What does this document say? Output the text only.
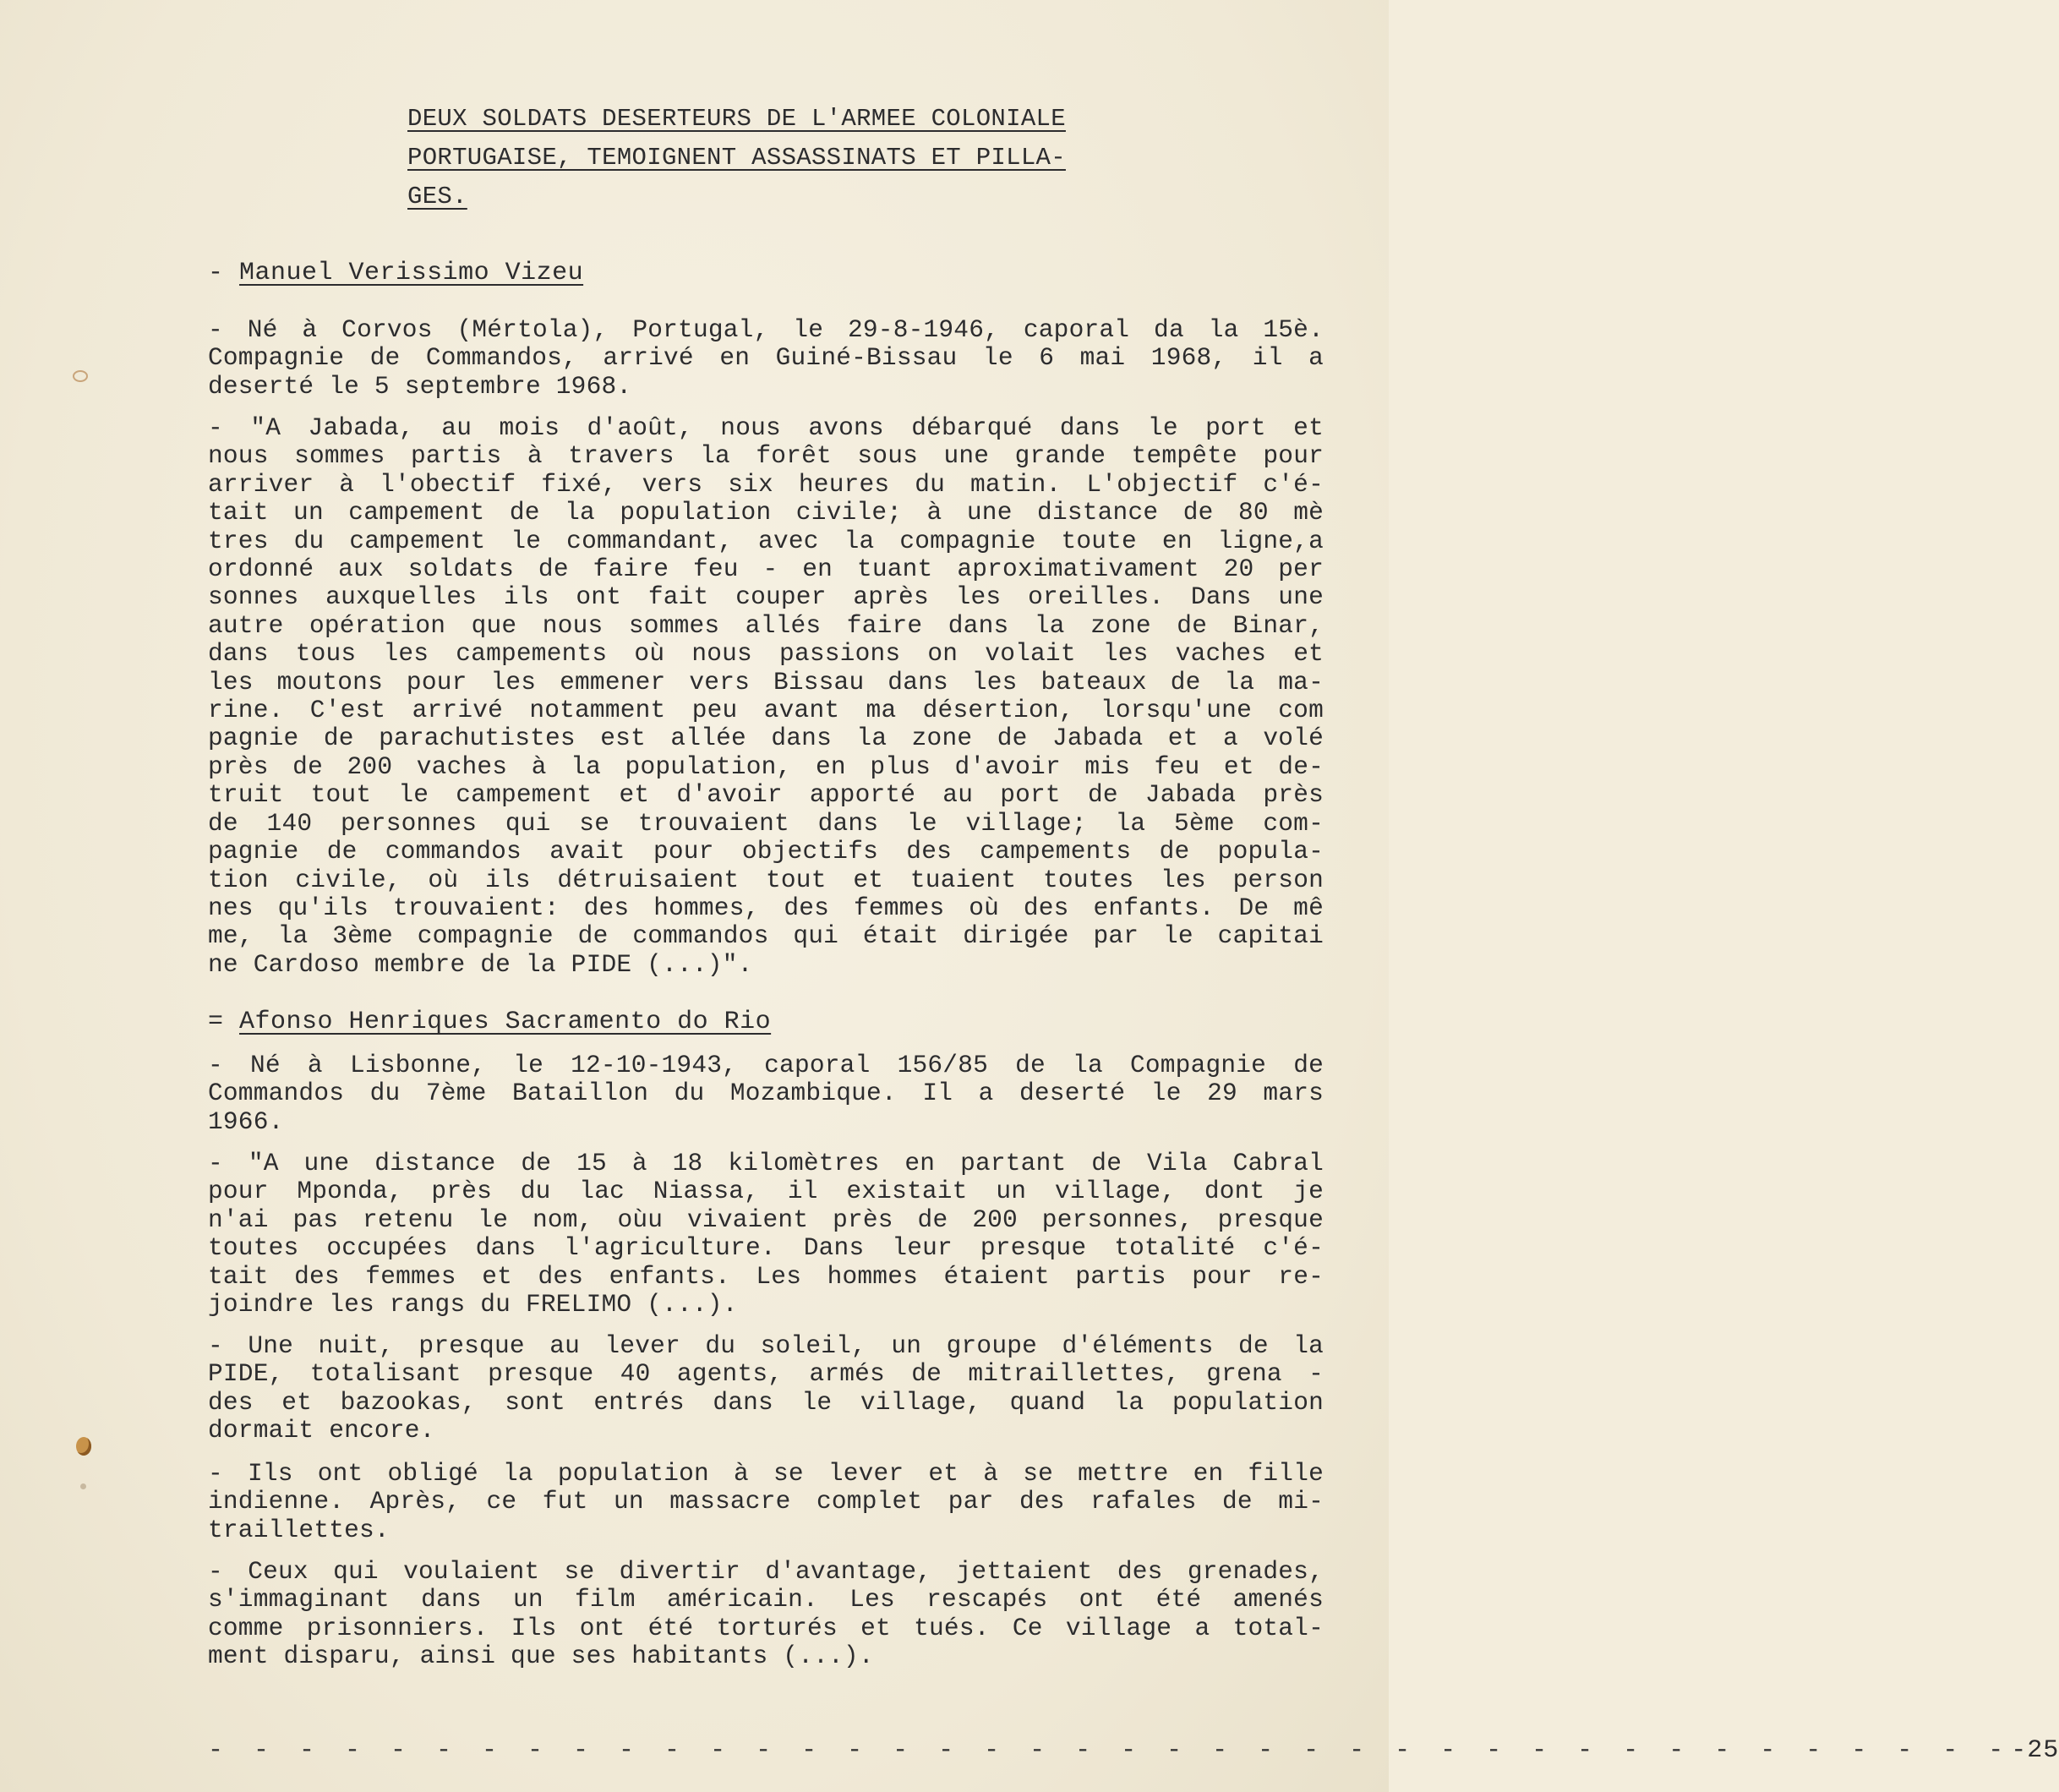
DEUX SOLDATS DESERTEURS DE L'ARMEE COLONIALE
PORTUGAISE, TEMOIGNENT ASSASSINATS ET PILLA-
GES.
- Manuel Verissimo Vizeu
- Né à Corvos (Mértola), Portugal, le 29-8-1946, caporal da la 15è.
Compagnie de Commandos, arrivé en Guiné-Bissau le 6 mai 1968, il a
deserté le 5 septembre 1968.
- "A Jabada, au mois d'août, nous avons débarqué dans le port et
nous sommes partis à travers la forêt sous une grande tempête pour
arriver à l'obectif fixé, vers six heures du matin. L'objectif c'é-
tait un campement de la population civile; à une distance de 80 mè
tres du campement le commandant, avec la compagnie toute en ligne,a
ordonné aux soldats de faire feu - en tuant aproximativament 20 per
sonnes auxquelles ils ont fait couper après les oreilles. Dans une
autre opération que nous sommes allés faire dans la zone de Binar,
dans tous les campements où nous passions on volait les vaches et
les moutons pour les emmener vers Bissau dans les bateaux de la ma-
rine. C'est arrivé notamment peu avant ma désertion, lorsqu'une com
pagnie de parachutistes est allée dans la zone de Jabada et a volé
près de 200 vaches à la population, en plus d'avoir mis feu et de-
truit tout le campement et d'avoir apporté au port de Jabada près
de 140 personnes qui se trouvaient dans le village; la 5ème com-
pagnie de commandos avait pour objectifs des campements de popula-
tion civile, où ils détruisaient tout et tuaient toutes les person
nes qu'ils trouvaient: des hommes, des femmes où des enfants. De mê
me, la 3ème compagnie de commandos qui était dirigée par le capitai
ne Cardoso membre de la PIDE (...)".
= Afonso Henriques Sacramento do Rio
- Né à Lisbonne, le 12-10-1943, caporal 156/85 de la Compagnie de
Commandos du 7ème Bataillon du Mozambique. Il a deserté le 29 mars
1966.
- "A une distance de 15 à 18 kilomètres en partant de Vila Cabral
pour Mponda, près du lac Niassa, il existait un village, dont je
n'ai pas retenu le nom, oùu vivaient près de 200 personnes, presque
toutes occupées dans l'agriculture. Dans leur presque totalité c'é-
tait des femmes et des enfants. Les hommes étaient partis pour re-
joindre les rangs du FRELIMO (...).
- Une nuit, presque au lever du soleil, un groupe d'éléments de la
PIDE, totalisant presque 40 agents, armés de mitraillettes, grena -
des et bazookas, sont entrés dans le village, quand la population
dormait encore.
- Ils ont obligé la population à se lever et à se mettre en fille
indienne. Après, ce fut un massacre complet par des rafales de mi-
traillettes.
- Ceux qui voulaient se divertir d'avantage, jettaient des grenades,
s'immaginant dans un film américain. Les rescapés ont été amenés
comme prisonniers. Ils ont été torturés et tués. Ce village a total-
ment disparu, ainsi que ses habitants (...).
- - - - - - - - - - - - - - - - - - - - - - - - - - - - - - - - - - - - - - - - -25
